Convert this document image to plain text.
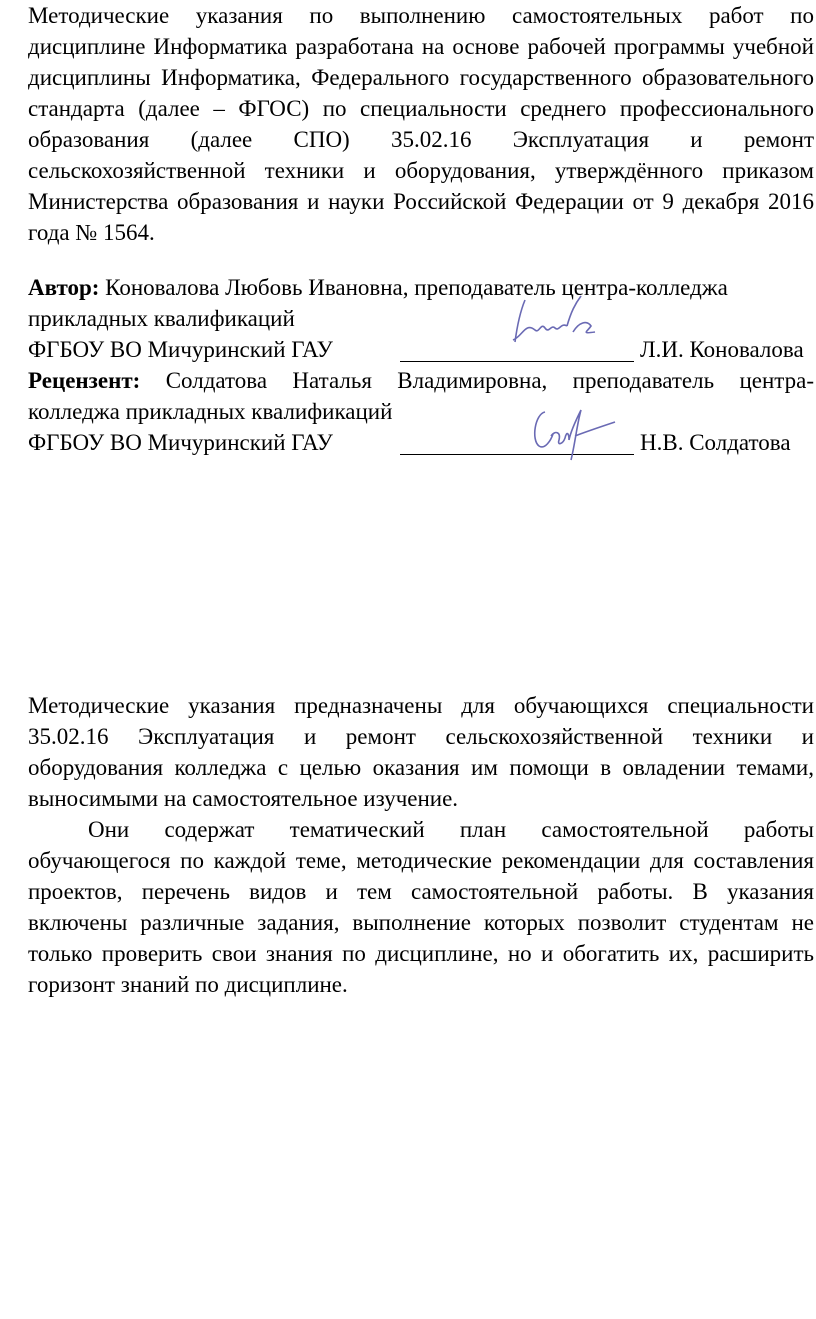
Методические указания по выполнению самостоятельных работ по
дисциплине Информатика разработана на основе рабочей программы учебной
дисциплины Информатика, Федерального государственного образовательного
стандарта (далее – ФГОС) по специальности среднего профессионального
образования (далее СПО) 35.02.16 Эксплуатация и ремонт
сельскохозяйственной техники и оборудования, утверждённого приказом
Министерства образования и науки Российской Федерации от 9 декабря 2016
года № 1564.
Автор: Коновалова Любовь Ивановна, преподаватель центра-колледжа
прикладных квалификаций
ФГБОУ ВО Мичуринский ГАУ	Л.И. Коновалова
Рецензент: Солдатова Наталья Владимировна, преподаватель центра-
колледжа прикладных квалификаций
ФГБОУ ВО Мичуринский ГАУ	Н.В. Солдатова
Методические указания предназначены для обучающихся специальности
35.02.16 Эксплуатация и ремонт сельскохозяйственной техники и
оборудования колледжа с целью оказания им помощи в овладении темами,
выносимыми на самостоятельное изучение.
Они содержат тематический план самостоятельной работы
обучающегося по каждой теме, методические рекомендации для составления
проектов, перечень видов и тем самостоятельной работы. В указания
включены различные задания, выполнение которых позволит студентам не
только проверить свои знания по дисциплине, но и обогатить их, расширить
горизонт знаний по дисциплине.
